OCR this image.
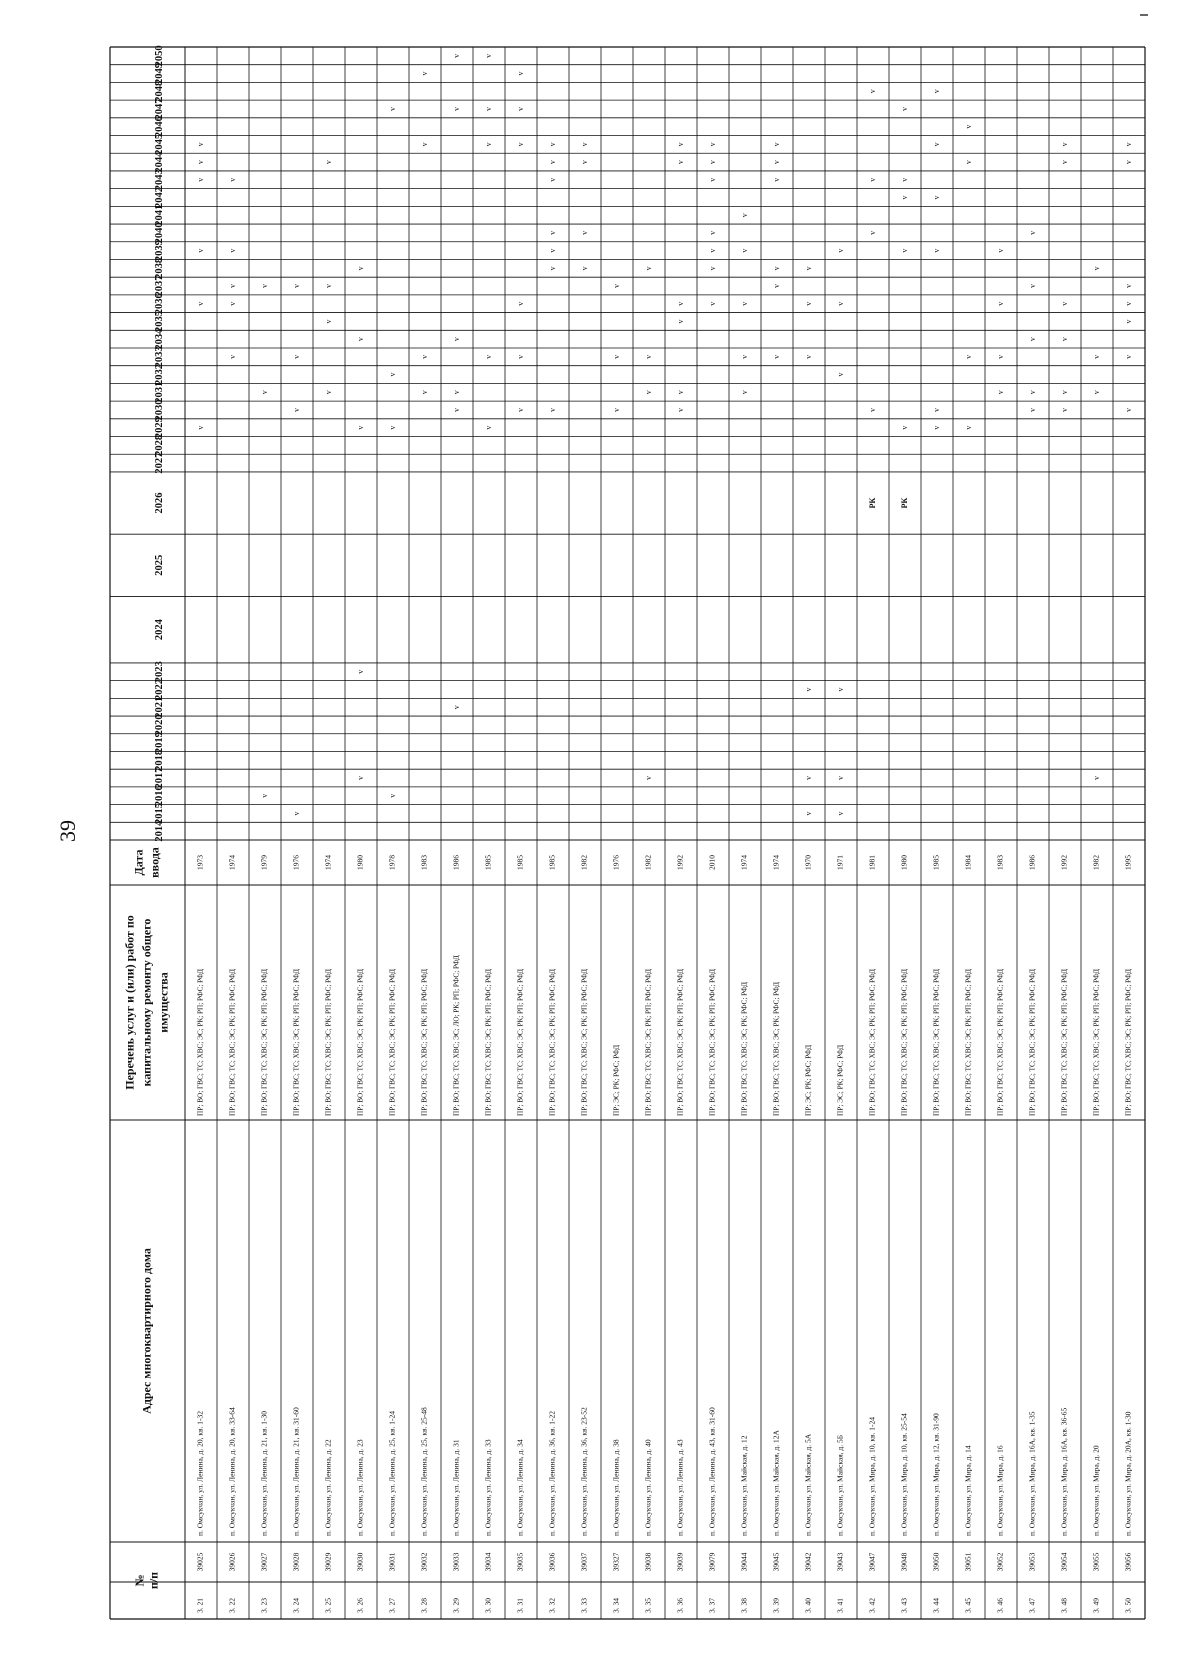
39
№ п/п
Адрес многоквартирного дома
Перечень услуг и (или) работ по капитальному ремонту общего имущества
Дата ввода
2014
2015
2016
2017
2018
2019
2020
2021
2022
2023
2024
2025
2026
2027
2028
2029
2030
2031
2032
2033
2034
2035
2036
2037
2038
2039
2040
2041
2042
2043
2044
2045
2046
2047
2048
2049
2050
3. 21
39025
п. Омсукчан, ул. Ленина, д. 20, кв. 1-32
ПР; ВО; ГВС; ТС; ХВС; ЭС; РК; РП; РФС; РФД
1973
v
v
v
v
v
v
3. 22
39026
п. Омсукчан, ул. Ленина, д. 20, кв. 33-64
ПР; ВО; ГВС; ТС; ХВС; ЭС; РК; РП; РФС; РФД
1974
v
v
v
v
v
3. 23
39027
п. Омсукчан, ул. Ленина, д. 21, кв. 1-30
ПР; ВО; ГВС; ТС; ХВС; ЭС; РК; РП; РФС; РФД
1979
v
v
v
3. 24
39028
п. Омсукчан, ул. Ленина, д. 21, кв. 31-60
ПР; ВО; ГВС; ТС; ХВС; ЭС; РК; РП; РФС; РФД
1976
v
v
v
v
3. 25
39029
п. Омсукчан, ул. Ленина, д. 22
ПР; ВО; ГВС; ТС; ХВС; ЭС; РК; РП; РФС; РФД
1974
v
v
v
v
3. 26
39030
п. Омсукчан, ул. Ленина, д. 23
ПР; ВО; ГВС; ТС; ХВС; ЭС; РК; РП; РФС; РФД
1980
v
v
v
v
v
3. 27
39031
п. Омсукчан, ул. Ленина, д. 25, кв. 1-24
ПР; ВО; ГВС; ТС; ХВС; ЭС; РК; РП; РФС; РФД
1978
v
v
v
v
3. 28
39032
п. Омсукчан, ул. Ленина, д. 25, кв. 25-48
ПР; ВО; ГВС; ТС; ХВС; ЭС; РК; РП; РФС; РФД
1983
v
v
v
v
3. 29
39033
п. Омсукчан, ул. Ленина, д. 31
ПР; ВО; ГВС; ТС; ХВС; ЭС; ЛО; РК; РП; РФС; РФД
1986
v
v
v
v
v
v
3. 30
39034
п. Омсукчан, ул. Ленина, д. 33
ПР; ВО; ГВС; ТС; ХВС; ЭС; РК; РП; РФС; РФД
1985
v
v
v
v
v
3. 31
39035
п. Омсукчан, ул. Ленина, д. 34
ПР; ВО; ГВС; ТС; ХВС; ЭС; РК; РП; РФС; РФД
1985
v
v
v
v
v
v
3. 32
39036
п. Омсукчан, ул. Ленина, д. 36, кв. 1-22
ПР; ВО; ГВС; ТС; ХВС; ЭС; РК; РП; РФС; РФД
1985
v
v
v
v
v
v
v
3. 33
39037
п. Омсукчан, ул. Ленина, д. 36, кв. 23-52
ПР; ВО; ГВС; ТС; ХВС; ЭС; РК; РП; РФС; РФД
1982
v
v
v
v
3. 34
39327
п. Омсукчан, ул. Ленина, д. 38
ПР; ЭС; РК; РФС; РФД
1976
v
v
v
3. 35
39038
п. Омсукчан, ул. Ленина, д. 40
ПР; ВО; ГВС; ТС; ХВС; ЭС; РК; РП; РФС; РФД
1982
v
v
v
v
3. 36
39039
п. Омсукчан, ул. Ленина, д. 43
ПР; ВО; ГВС; ТС; ХВС; ЭС; РК; РП; РФС; РФД
1992
v
v
v
v
v
v
3. 37
39079
п. Омсукчан, ул. Ленина, д. 43, кв. 31-60
ПР; ВО; ГВС; ТС; ХВС; ЭС; РК; РП; РФС; РФД
2010
v
v
v
v
v
v
v
3. 38
39044
п. Омсукчан, ул. Майская, д. 12
ПР; ВО; ГВС; ТС; ХВС; ЭС; РК; РФС; РФД
1974
v
v
v
v
v
3. 39
39045
п. Омсукчан, ул. Майская, д. 12А
ПР; ВО; ГВС; ТС; ХВС; ЭС; РК; РФС; РФД
1974
v
v
v
v
v
v
3. 40
39042
п. Омсукчан, ул. Майская, д. 5А
ПР; ЭС; РК; РФС; РФД
1970
v
v
v
v
v
v
3. 41
39043
п. Омсукчан, ул. Майская, д. 5Б
ПР; ЭС; РК; РФС; РФД
1971
v
v
v
v
v
v
3. 42
39047
п. Омсукчан, ул. Мира, д. 10, кв. 1-24
ПР; ВО; ГВС; ТС; ХВС; ЭС; РК; РП; РФС; РФД
1981
РК
v
v
v
v
3. 43
39048
п. Омсукчан, ул. Мира, д. 10, кв. 25-54
ПР; ВО; ГВС; ТС; ХВС; ЭС; РК; РП; РФС; РФД
1980
РК
v
v
v
v
v
3. 44
39050
п. Омсукчан, ул. Мира, д. 12, кв. 31-90
ПР; ВО; ГВС; ТС; ХВС; ЭС; РК; РП; РФС; РФД
1985
v
v
v
v
v
v
3. 45
39051
п. Омсукчан, ул. Мира, д. 14
ПР; ВО; ГВС; ТС; ХВС; ЭС; РК; РП; РФС; РФД
1984
v
v
v
v
3. 46
39052
п. Омсукчан, ул. Мира, д. 16
ПР; ВО; ГВС; ТС; ХВС; ЭС; РК; РП; РФС; РФД
1983
v
v
v
v
3. 47
39053
п. Омсукчан, ул. Мира, д. 16А, кв. 1-35
ПР; ВО; ГВС; ТС; ХВС; ЭС; РК; РП; РФС; РФД
1986
v
v
v
v
v
3. 48
39054
п. Омсукчан, ул. Мира, д. 16А, кв. 36-65
ПР; ВО; ГВС; ТС; ХВС; ЭС; РК; РП; РФС; РФД
1992
v
v
v
v
v
v
3. 49
39055
п. Омсукчан, ул. Мира, д. 20
ПР; ВО; ГВС; ТС; ХВС; ЭС; РК; РП; РФС; РФД
1982
v
v
v
v
3. 50
39056
п. Омсукчан, ул. Мира, д. 20А, кв. 1-30
ПР; ВО; ГВС; ТС; ХВС; ЭС; РК; РП; РФС; РФД
1995
v
v
v
v
v
v
v
